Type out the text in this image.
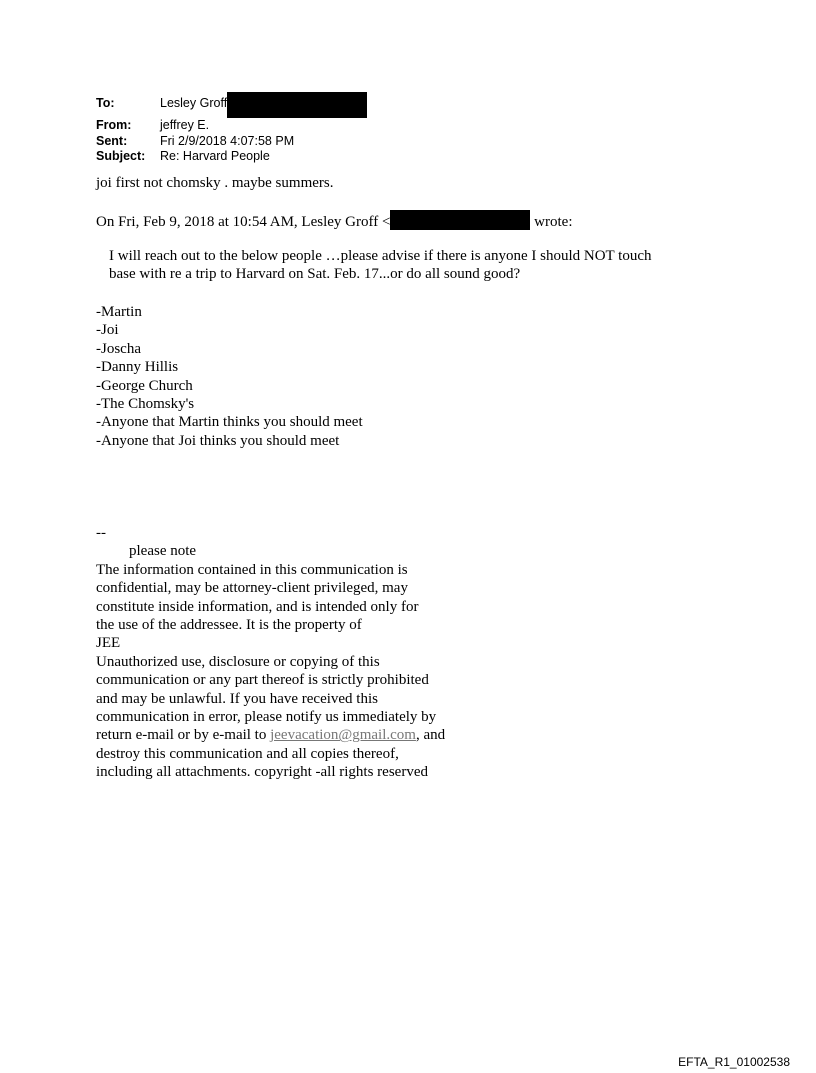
To:	Lesley Groff
From:	jeffrey E.
Sent:	Fri 2/9/2018 4:07:58 PM
Subject:	Re: Harvard People
joi first not chomsky . maybe summers.
On Fri, Feb 9, 2018 at 10:54 AM, Lesley Groff <	wrote:
I will reach out to the below people …please advise if there is anyone I should NOT touch
base with re a trip to Harvard on Sat. Feb. 17...or do all sound good?
-Martin
-Joi
-Joscha
-Danny Hillis
-George Church
-The Chomsky's
-Anyone that Martin thinks you should meet
-Anyone that Joi thinks you should meet
--
please note
The information contained in this communication is
confidential, may be attorney-client privileged, may
constitute inside information, and is intended only for
the use of the addressee. It is the property of
JEE
Unauthorized use, disclosure or copying of this
communication or any part thereof is strictly prohibited
and may be unlawful. If you have received this
communication in error, please notify us immediately by
return e-mail or by e-mail to jeevacation@gmail.com, and
destroy this communication and all copies thereof,
including all attachments. copyright -all rights reserved
EFTA_R1_01002538
